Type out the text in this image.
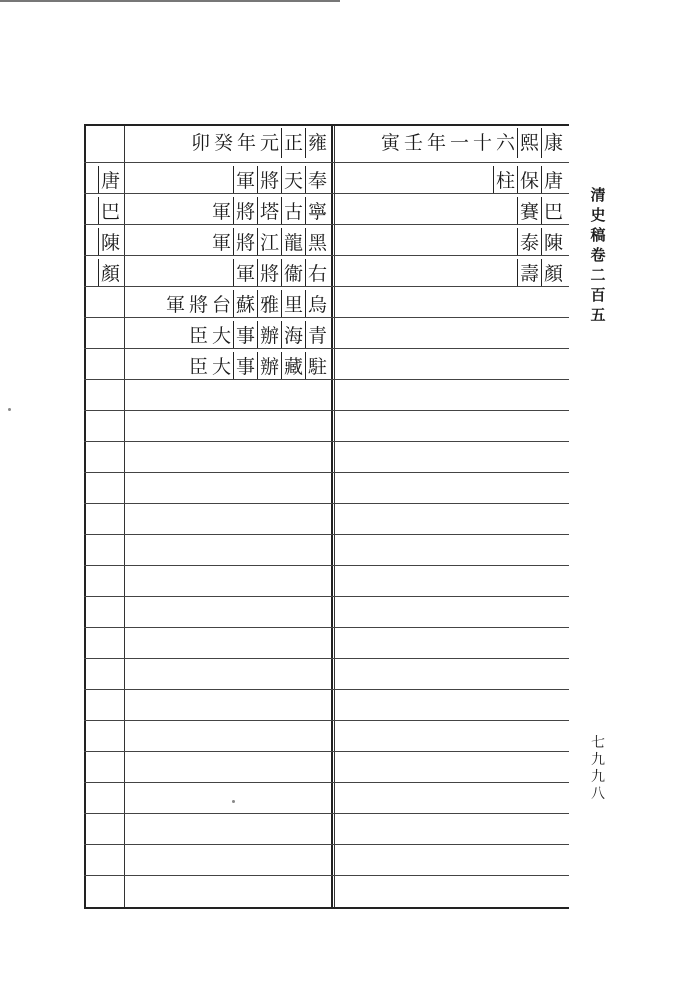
康
熙
六
十
一
年
壬
寅
雍
正
元
年
癸
卯
唐
保
柱
巴
賽
陳
泰
顏
壽
奉
天
將
軍
寧
古
塔
將
軍
黑
龍
江
將
軍
右
衞
將
軍
烏
里
雅
蘇
台
將
軍
青
海
辦
事
大
臣
駐
藏
辦
事
大
臣
唐
巴
陳
顏
清
史
稿
卷
二
百
五
七
九
九
八
